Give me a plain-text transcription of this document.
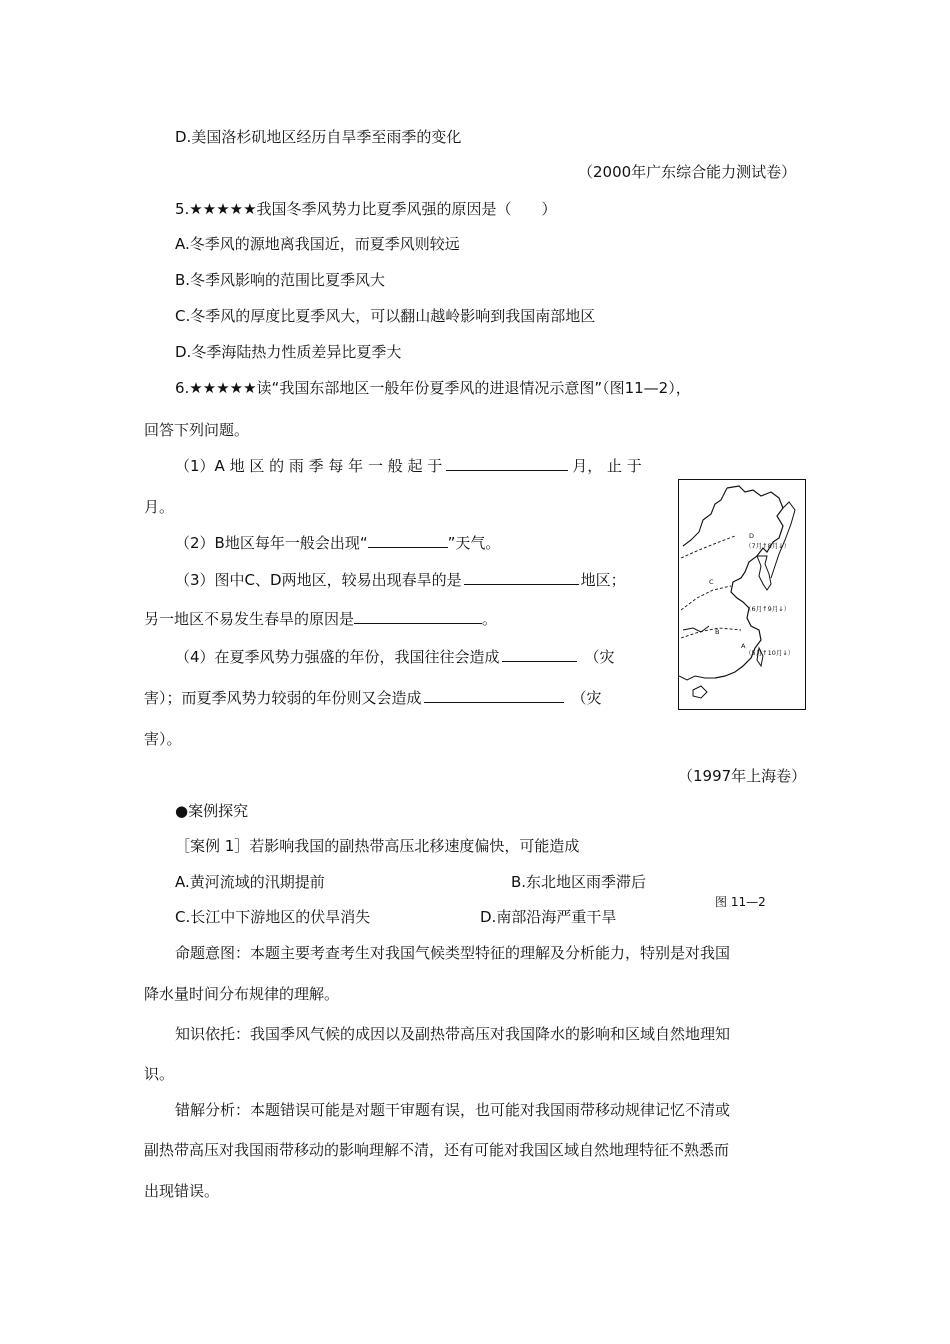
D.美国洛杉矶地区经历自旱季至雨季的变化
（2000年广东综合能力测试卷）
5.★★★★★我国冬季风势力比夏季风强的原因是（　　）
A.冬季风的源地离我国近，而夏季风则较远
B.冬季风影响的范围比夏季风大
C.冬季风的厚度比夏季风大，可以翻山越岭影响到我国南部地区
D.冬季海陆热力性质差异比夏季大
6.★★★★★读“我国东部地区一般年份夏季风的进退情况示意图”（图11—2），
回答下列问题。
（1）A 地 区 的 雨 季 每 年 一 般 起 于	月， 止 于
月。
（2）B地区每年一般会出现“	”天气。
（3）图中C、D两地区，较易出现春旱的是	地区；
另一地区不易发生春旱的原因是	。
（4）在夏季风势力强盛的年份，我国往往会造成	（灾
害）；而夏季风势力较弱的年份则又会造成	（灾
害）。
（1997年上海卷）
D
（7月↑8月↓）
C
（6月↑9月↓）
B
A
（5月↑10月↓）
图 11—2
●案例探究
［案例 1］若影响我国的副热带高压北移速度偏快，可能造成
A.黄河流域的汛期提前	B.东北地区雨季滞后
C.长江中下游地区的伏旱消失	D.南部沿海严重干旱
命题意图：本题主要考查考生对我国气候类型特征的理解及分析能力，特别是对我国
降水量时间分布规律的理解。
知识依托：我国季风气候的成因以及副热带高压对我国降水的影响和区域自然地理知
识。
错解分析：本题错误可能是对题干审题有误，也可能对我国雨带移动规律记忆不清或
副热带高压对我国雨带移动的影响理解不清，还有可能对我国区域自然地理特征不熟悉而
出现错误。
